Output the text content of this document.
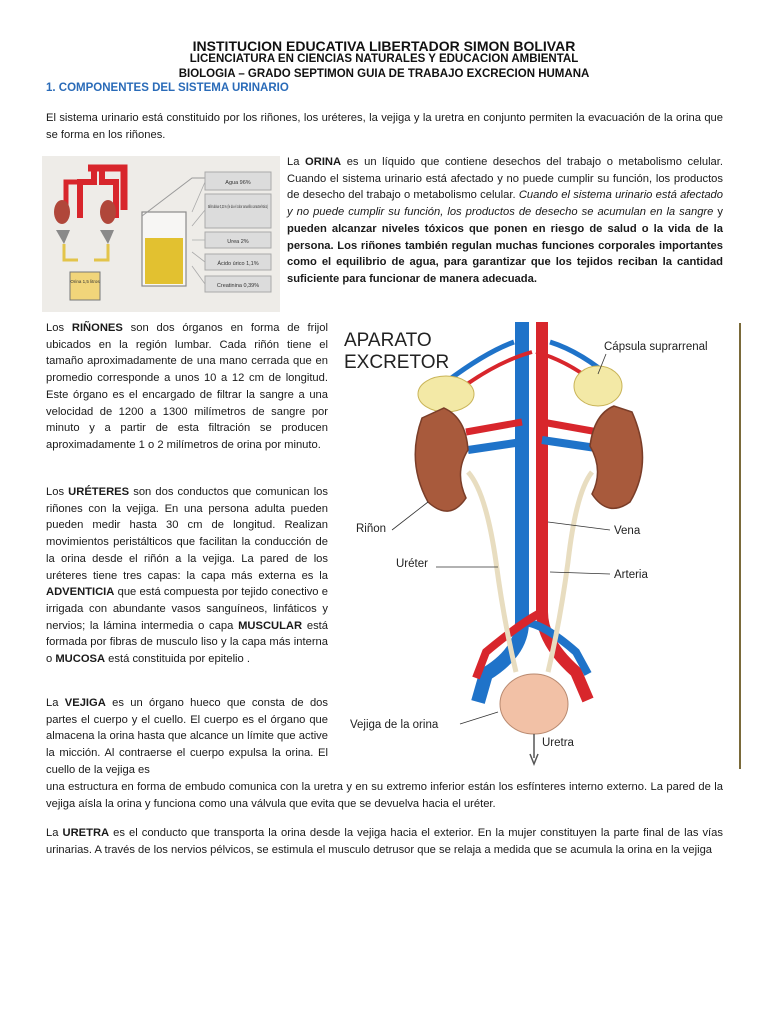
INSTITUCION EDUCATIVA LIBERTADOR SIMON BOLIVAR
LICENCIATURA EN CIENCIAS NATURALES Y EDUCACION AMBIENTAL
BIOLOGIA – GRADO SEPTIMON GUIA DE TRABAJO EXCRECION HUMANA
1. COMPONENTES DEL SISTEMA URINARIO
El sistema urinario está constituido por los riñones, los uréteres, la vejiga y la uretra en conjunto permiten la evacuación de la orina que se forma en los riñones.
La ORINA es un líquido que contiene desechos del trabajo o metabolismo celular. Cuando el sistema urinario está afectado y no puede cumplir su función, los productos de desecho del trabajo o metabolismo celular. Cuando el sistema urinario está afectado y no puede cumplir su función, los productos de desecho se acumulan en la sangre y pueden alcanzar niveles tóxicos que ponen en riesgo de salud o la vida de la persona. Los riñones también regulan muchas funciones corporales importantes como el equilibrio de agua, para garantizar que los tejidos reciban la cantidad suficiente para funcionar de manera adecuada.
Los RIÑONES son dos órganos en forma de frijol ubicados en la región lumbar. Cada riñón tiene el tamaño aproximadamente de una mano cerrada que en promedio corresponde a unos 10 a 12 cm de longitud. Este órgano es el encargado de filtrar la sangre a una velocidad de 1200 a 1300 milímetros de sangre por minuto y a partir de esta filtración se producen aproximadamente 1 o 2 milímetros de orina por minuto.
Los URÉTERES son dos conductos que comunican los riñones con la vejiga. En una persona adulta pueden pueden medir hasta 30 cm de longitud. Realizan movimientos peristálticos que facilitan la conducción de la orina desde el riñón a la vejiga. La pared de los uréteres tiene tres capas: la capa más externa es la ADVENTICIA que está compuesta por tejido conectivo e irrigada con abundante vasos sanguíneos, linfáticos y nervios; la lámina intermedia o capa MUSCULAR está formada por fibras de musculo liso y la capa más interna o MUCOSA está constituida por epitelio .
La VEJIGA es un órgano hueco que consta de dos partes el cuerpo y el cuello. El cuerpo es el órgano que almacena la orina hasta que alcance un límite que active la micción. Al contraerse el cuerpo expulsa la orina. El cuello de la vejiga es
una estructura en forma de embudo comunica con la uretra y en su extremo inferior están los esfínteres interno externo. La pared de la vejiga aísla la orina y funciona como una válvula que evita que se devuelva hacia el uréter.
La URETRA es el conducto que transporta la orina desde la vejiga hacia el exterior. En la mujer constituyen la parte final de las vías urinarias. A través de los nervios pélvicos, se estimula el musculo detrusor que se relaja a medida que se acumula la orina en la vejiga
Orina 1,5 litros
Agua 96%
Bilirrubina 0,21% (le da el color amarillo característico)
Urea 2%
Ácido úrico 1,1%
Creatinina 0,39%
APARATO
EXCRETOR
Cápsula suprarrenal
Riñon	Vena
Uréter
Arteria
Vejiga de la orina
Uretra
